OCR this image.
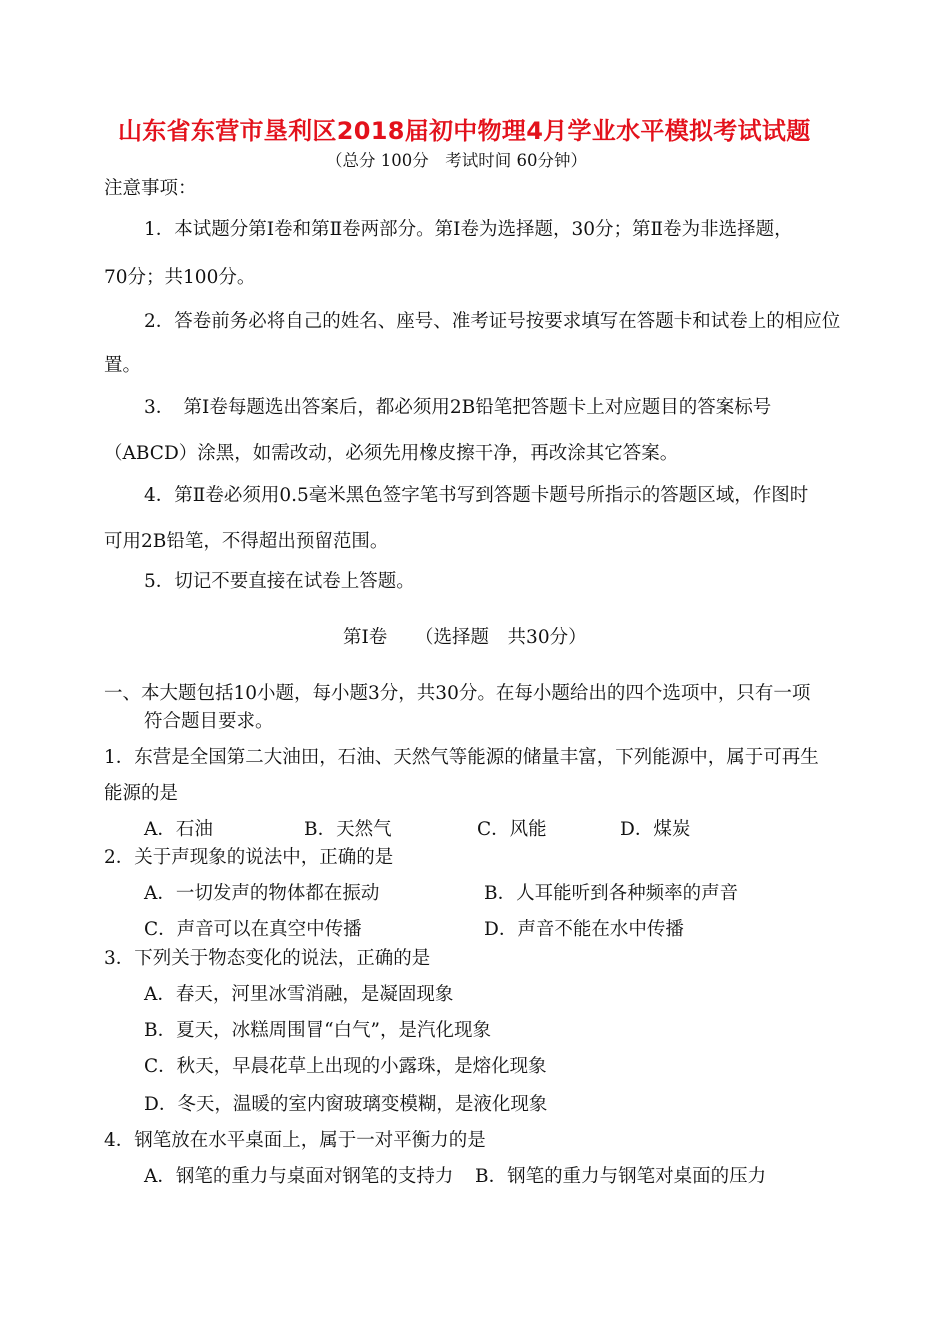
山东省东营市垦利区2018届初中物理4月学业水平模拟考试试题
（总分 100分　考试时间 60分钟）
注意事项：
1．本试题分第Ⅰ卷和第Ⅱ卷两部分。第Ⅰ卷为选择题，30分；第Ⅱ卷为非选择题，
70分；共100分。
2．答卷前务必将自己的姓名、座号、准考证号按要求填写在答题卡和试卷上的相应位
置。
3．　第Ⅰ卷每题选出答案后，都必须用2B铅笔把答题卡上对应题目的答案标号
（ABCD）涂黑，如需改动，必须先用橡皮擦干净，再改涂其它答案。
4．第Ⅱ卷必须用0.5毫米黑色签字笔书写到答题卡题号所指示的答题区域，作图时
可用2B铅笔，不得超出预留范围。
5．切记不要直接在试卷上答题。
第Ⅰ卷　　（选择题　共30分）
一、本大题包括10小题，每小题3分，共30分。在每小题给出的四个选项中，只有一项
符合题目要求。
1．东营是全国第二大油田，石油、天然气等能源的储量丰富，下列能源中，属于可再生
能源的是
A．石油	B．天然气	C．风能	D．煤炭
2．关于声现象的说法中，正确的是
A．一切发声的物体都在振动	B．人耳能听到各种频率的声音
C．声音可以在真空中传播	D．声音不能在水中传播
3．下列关于物态变化的说法，正确的是
A．春天，河里冰雪消融，是凝固现象
B．夏天，冰糕周围冒“白气”，是汽化现象
C．秋天，早晨花草上出现的小露珠，是熔化现象
D．冬天，温暖的室内窗玻璃变模糊，是液化现象
4．钢笔放在水平桌面上，属于一对平衡力的是
A．钢笔的重力与桌面对钢笔的支持力 B．钢笔的重力与钢笔对桌面的压力
